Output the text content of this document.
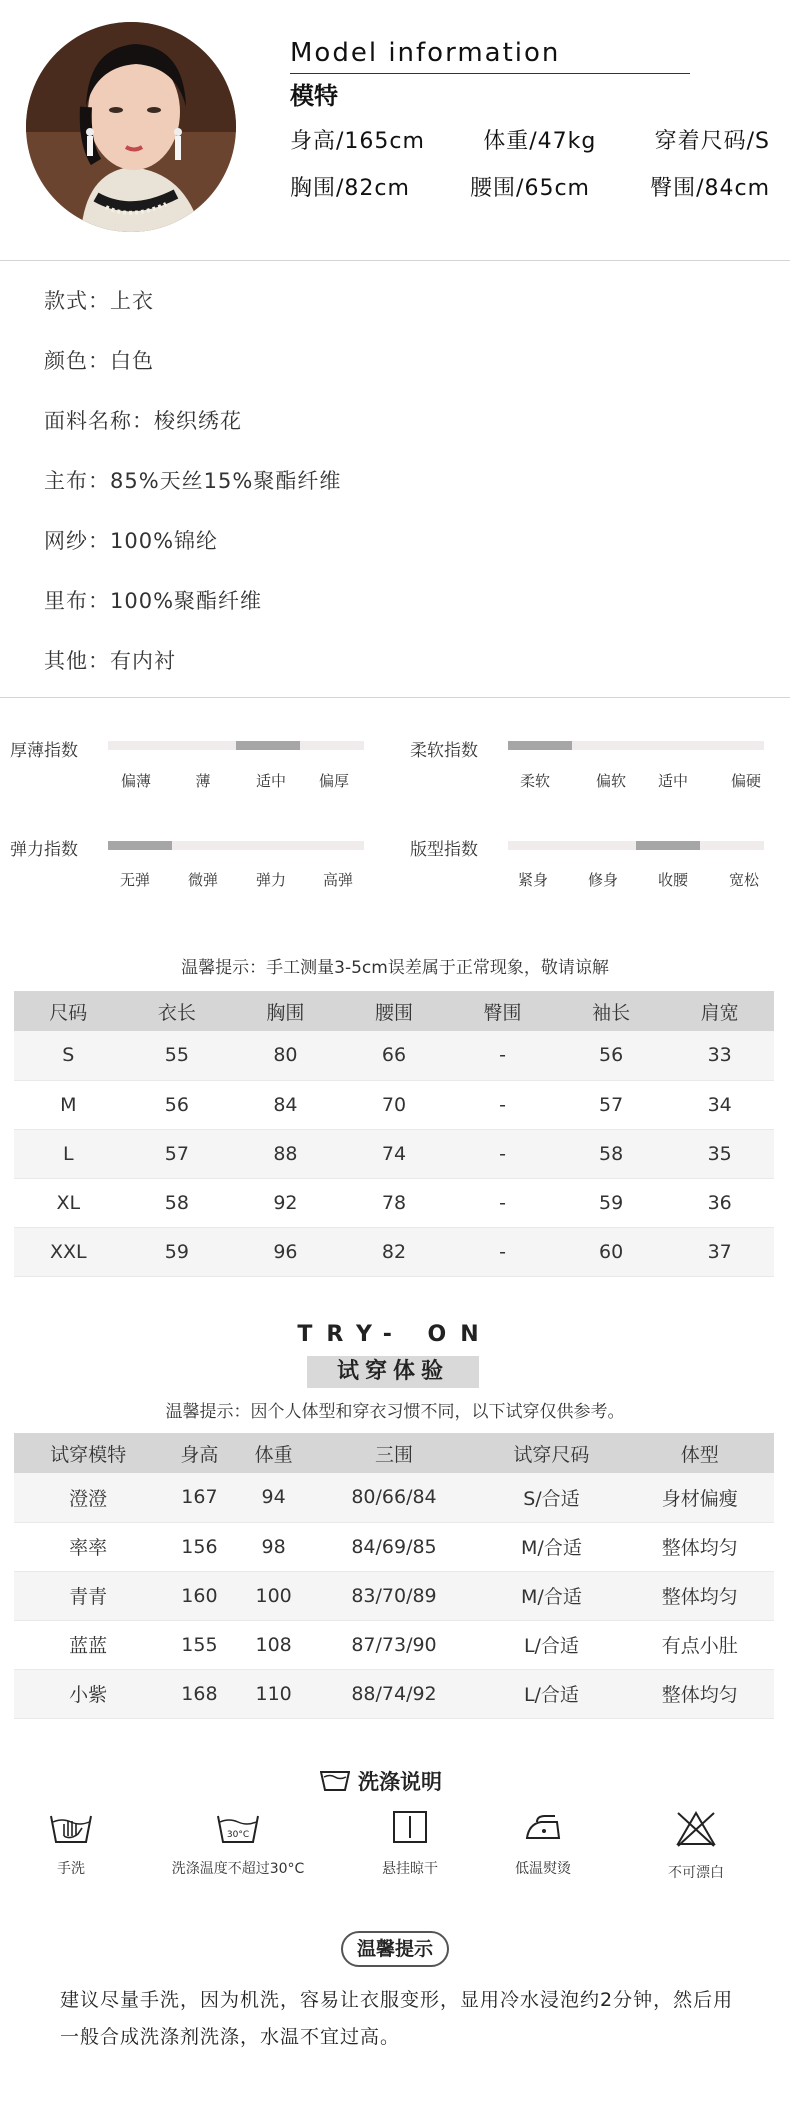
Model information
模特
身高/165cm	体重/47kg	穿着尺码/S
胸围/82cm	腰围/65cm	臀围/84cm
款式：上衣
颜色：白色
面料名称：梭织绣花
主布：85%天丝15%聚酯纤维
网纱：100%锦纶
里布：100%聚酯纤维
其他：有内衬
厚薄指数
偏薄	薄	适中 偏厚
柔软指数
柔软	偏软 适中	偏硬
弹力指数
无弹	微弹	弹力 高弹
版型指数
紧身	修身	收腰	宽松
温馨提示：手工测量3-5cm误差属于正常现象，敬请谅解
尺码	衣长	胸围	腰围	臀围	袖长	肩宽
S	55	80	66	-	56	33
M	56	84	70	-	57	34
L	57	88	74	-	58	35
XL	58	92	78	-	59	36
XXL	59	96	82	-	60	37
TRY- ON
试穿体验
温馨提示：因个人体型和穿衣习惯不同，以下试穿仅供参考。
试穿模特	身高	体重	三围	试穿尺码	体型
澄澄	167	94	80/66/84	S/合适	身材偏瘦
率率	156	98	84/69/85	M/合适	整体均匀
青青	160	100	83/70/89	M/合适	整体均匀
蓝蓝	155	108	87/73/90	L/合适	有点小肚
小紫	168	110	88/74/92	L/合适	整体均匀
洗涤说明
手洗
30°C
洗涤温度不超过30°C	悬挂晾干	低温熨烫	不可漂白
温馨提示
建议尽量手洗，因为机洗，容易让衣服变形，显用冷水浸泡约2分钟，然后用一般合成洗涤剂洗涤，水温不宜过高。
